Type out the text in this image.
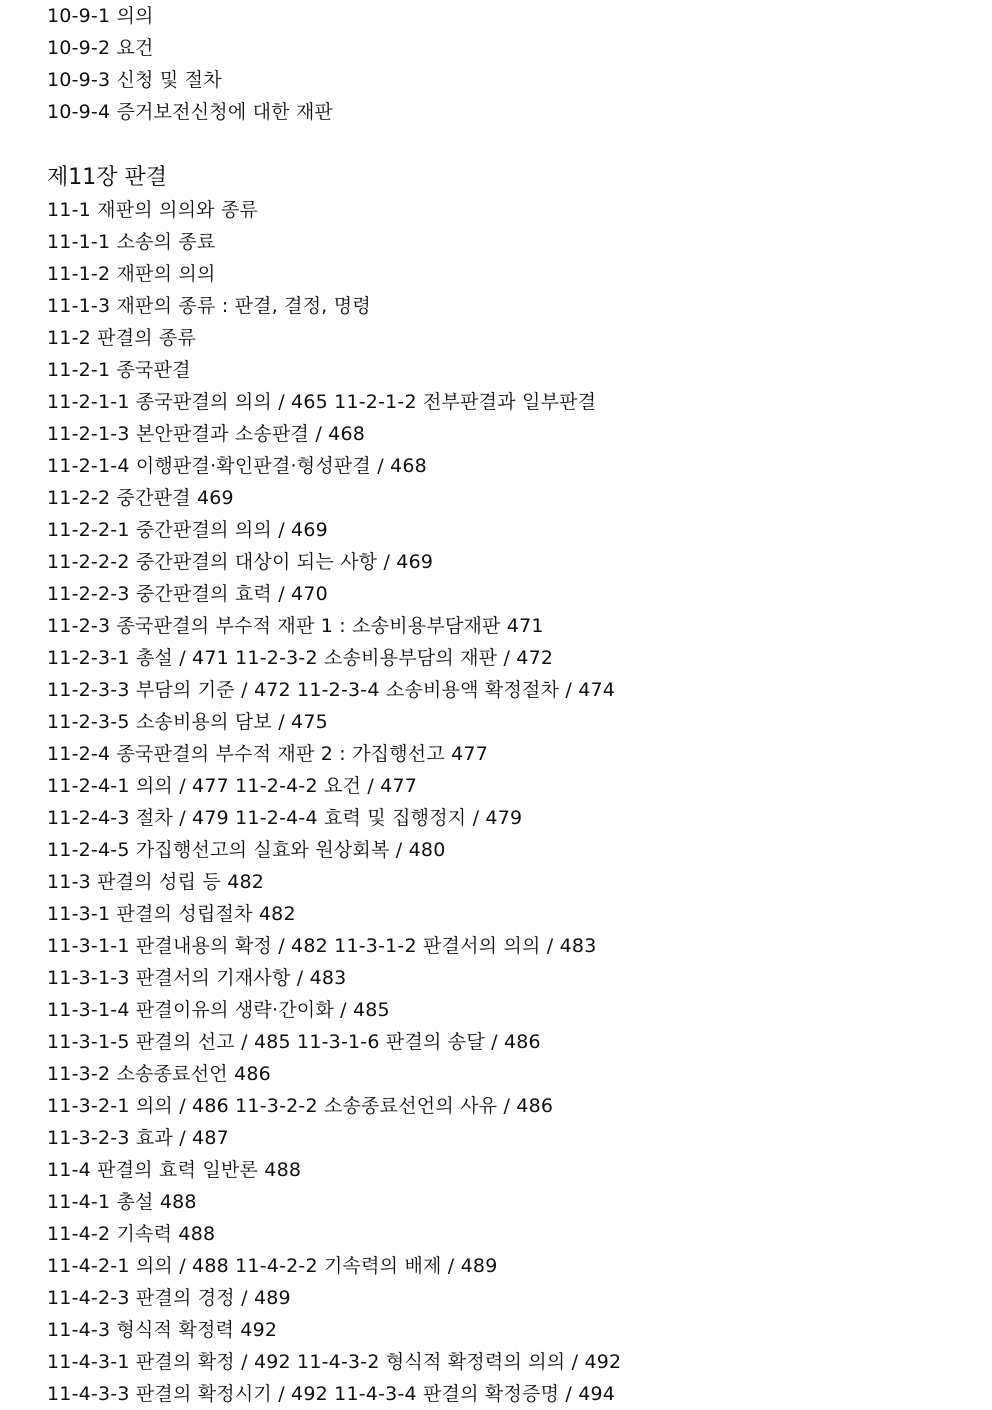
10-9-1 의의
10-9-2 요건
10-9-3 신청 및 절차
10-9-4 증거보전신청에 대한 재판
제11장 판결
11-1 재판의 의의와 종류
11-1-1 소송의 종료
11-1-2 재판의 의의
11-1-3 재판의 종류 : 판결, 결정, 명령
11-2 판결의 종류
11-2-1 종국판결
11-2-1-1 종국판결의 의의 / 465 11-2-1-2 전부판결과 일부판결
11-2-1-3 본안판결과 소송판결 / 468
11-2-1-4 이행판결·확인판결·형성판결 / 468
11-2-2 중간판결 469
11-2-2-1 중간판결의 의의 / 469
11-2-2-2 중간판결의 대상이 되는 사항 / 469
11-2-2-3 중간판결의 효력 / 470
11-2-3 종국판결의 부수적 재판 1 : 소송비용부담재판 471
11-2-3-1 총설 / 471 11-2-3-2 소송비용부담의 재판 / 472
11-2-3-3 부담의 기준 / 472 11-2-3-4 소송비용액 확정절차 / 474
11-2-3-5 소송비용의 담보 / 475
11-2-4 종국판결의 부수적 재판 2 : 가집행선고 477
11-2-4-1 의의 / 477 11-2-4-2 요건 / 477
11-2-4-3 절차 / 479 11-2-4-4 효력 및 집행정지 / 479
11-2-4-5 가집행선고의 실효와 원상회복 / 480
11-3 판결의 성립 등 482
11-3-1 판결의 성립절차 482
11-3-1-1 판결내용의 확정 / 482 11-3-1-2 판결서의 의의 / 483
11-3-1-3 판결서의 기재사항 / 483
11-3-1-4 판결이유의 생략·간이화 / 485
11-3-1-5 판결의 선고 / 485 11-3-1-6 판결의 송달 / 486
11-3-2 소송종료선언 486
11-3-2-1 의의 / 486 11-3-2-2 소송종료선언의 사유 / 486
11-3-2-3 효과 / 487
11-4 판결의 효력 일반론 488
11-4-1 총설 488
11-4-2 기속력 488
11-4-2-1 의의 / 488 11-4-2-2 기속력의 배제 / 489
11-4-2-3 판결의 경정 / 489
11-4-3 형식적 확정력 492
11-4-3-1 판결의 확정 / 492 11-4-3-2 형식적 확정력의 의의 / 492
11-4-3-3 판결의 확정시기 / 492 11-4-3-4 판결의 확정증명 / 494
